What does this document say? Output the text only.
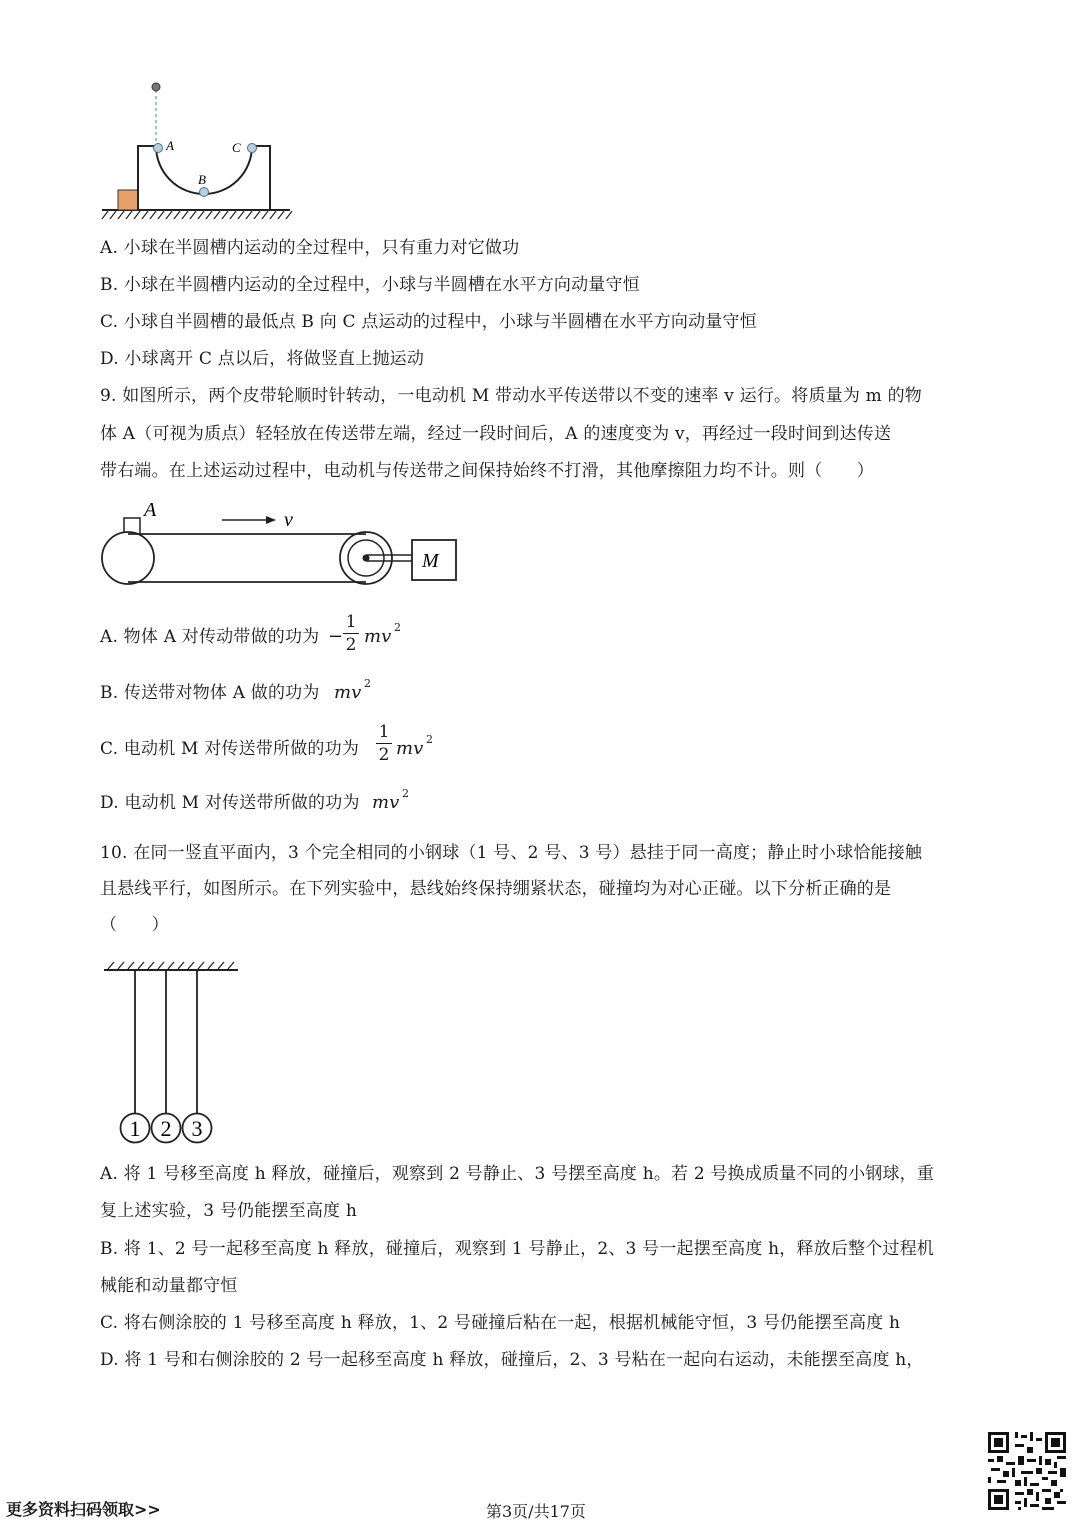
A
B
C
A. 小球在半圆槽内运动的全过程中，只有重力对它做功
B. 小球在半圆槽内运动的全过程中，小球与半圆槽在水平方向动量守恒
C. 小球自半圆槽的最低点 B 向 C 点运动的过程中，小球与半圆槽在水平方向动量守恒
D. 小球离开 C 点以后，将做竖直上抛运动
9. 如图所示，两个皮带轮顺时针转动，一电动机 M 带动水平传送带以不变的速率 v 运行。将质量为 m 的物
体 A（可视为质点）轻轻放在传送带左端，经过一段时间后，A 的速度变为 v，再经过一段时间到达传送
带右端。在上述运动过程中，电动机与传送带之间保持始终不打滑，其他摩擦阻力均不计。则（　　）
A	v
M
A. 物体 A 对传动带做的功为 −
1
2 mv 2
B. 传送带对物体 A 做的功为 mv 2
C. 电动机 M 对传送带所做的功为
1
2 mv 2
D. 电动机 M 对传送带所做的功为 mv 2
10. 在同一竖直平面内，3 个完全相同的小钢球（1 号、2 号、3 号）悬挂于同一高度；静止时小球恰能接触
且悬线平行，如图所示。在下列实验中，悬线始终保持绷紧状态，碰撞均为对心正碰。以下分析正确的是
（　　）
1 2 3
A. 将 1 号移至高度 h 释放，碰撞后，观察到 2 号静止、3 号摆至高度 h。若 2 号换成质量不同的小钢球，重
复上述实验，3 号仍能摆至高度 h
B. 将 1、2 号一起移至高度 h 释放，碰撞后，观察到 1 号静止，2、3 号一起摆至高度 h，释放后整个过程机
械能和动量都守恒
C. 将右侧涂胶的 1 号移至高度 h 释放，1、2 号碰撞后粘在一起，根据机械能守恒，3 号仍能摆至高度 h
D. 将 1 号和右侧涂胶的 2 号一起移至高度 h 释放，碰撞后，2、3 号粘在一起向右运动，未能摆至高度 h，
更多资料扫码领取>>	第3页/共17页
